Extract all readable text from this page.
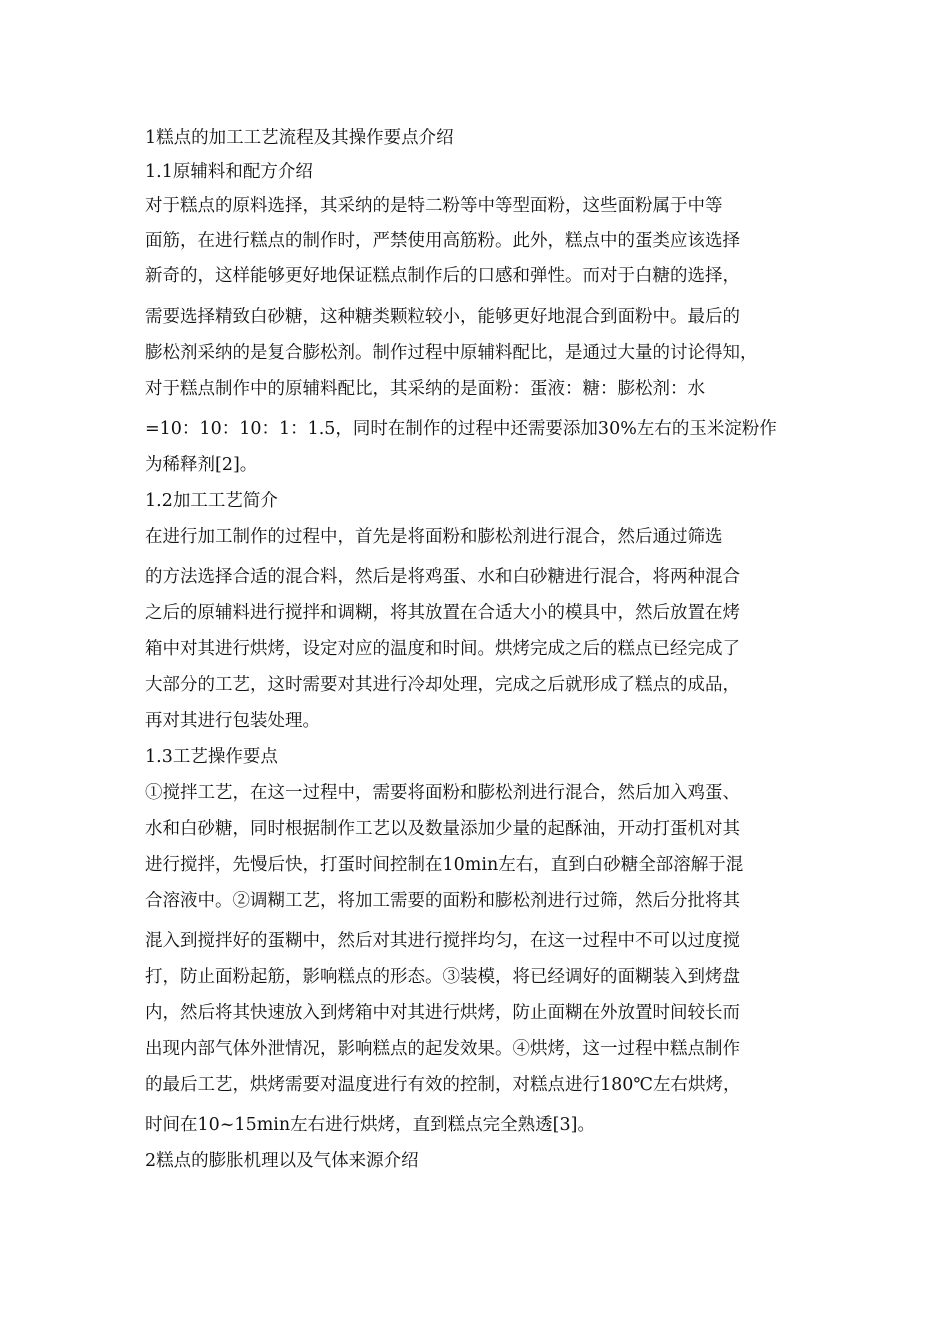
1糕点的加工工艺流程及其操作要点介绍
1.1原辅料和配方介绍
对于糕点的原料选择，其采纳的是特二粉等中等型面粉，这些面粉属于中等
面筋，在进行糕点的制作时，严禁使用高筋粉。此外，糕点中的蛋类应该选择
新奇的，这样能够更好地保证糕点制作后的口感和弹性。而对于白糖的选择，
需要选择精致白砂糖，这种糖类颗粒较小，能够更好地混合到面粉中。最后的
膨松剂采纳的是复合膨松剂。制作过程中原辅料配比，是通过大量的讨论得知，
对于糕点制作中的原辅料配比，其采纳的是面粉：蛋液：糖：膨松剂：水
=10：10：10：1：1.5，同时在制作的过程中还需要添加30%左右的玉米淀粉作
为稀释剂[2]。
1.2加工工艺简介
在进行加工制作的过程中，首先是将面粉和膨松剂进行混合，然后通过筛选
的方法选择合适的混合料，然后是将鸡蛋、水和白砂糖进行混合，将两种混合
之后的原辅料进行搅拌和调糊，将其放置在合适大小的模具中，然后放置在烤
箱中对其进行烘烤，设定对应的温度和时间。烘烤完成之后的糕点已经完成了
大部分的工艺，这时需要对其进行冷却处理，完成之后就形成了糕点的成品，
再对其进行包装处理。
1.3工艺操作要点
①搅拌工艺，在这一过程中，需要将面粉和膨松剂进行混合，然后加入鸡蛋、
水和白砂糖，同时根据制作工艺以及数量添加少量的起酥油，开动打蛋机对其
进行搅拌，先慢后快，打蛋时间控制在10min左右，直到白砂糖全部溶解于混
合溶液中。②调糊工艺，将加工需要的面粉和膨松剂进行过筛，然后分批将其
混入到搅拌好的蛋糊中，然后对其进行搅拌均匀，在这一过程中不可以过度搅
打，防止面粉起筋，影响糕点的形态。③装模，将已经调好的面糊装入到烤盘
内，然后将其快速放入到烤箱中对其进行烘烤，防止面糊在外放置时间较长而
出现内部气体外泄情况，影响糕点的起发效果。④烘烤，这一过程中糕点制作
的最后工艺，烘烤需要对温度进行有效的控制，对糕点进行180℃左右烘烤，
时间在10~15min左右进行烘烤，直到糕点完全熟透[3]。
2糕点的膨胀机理以及气体来源介绍
